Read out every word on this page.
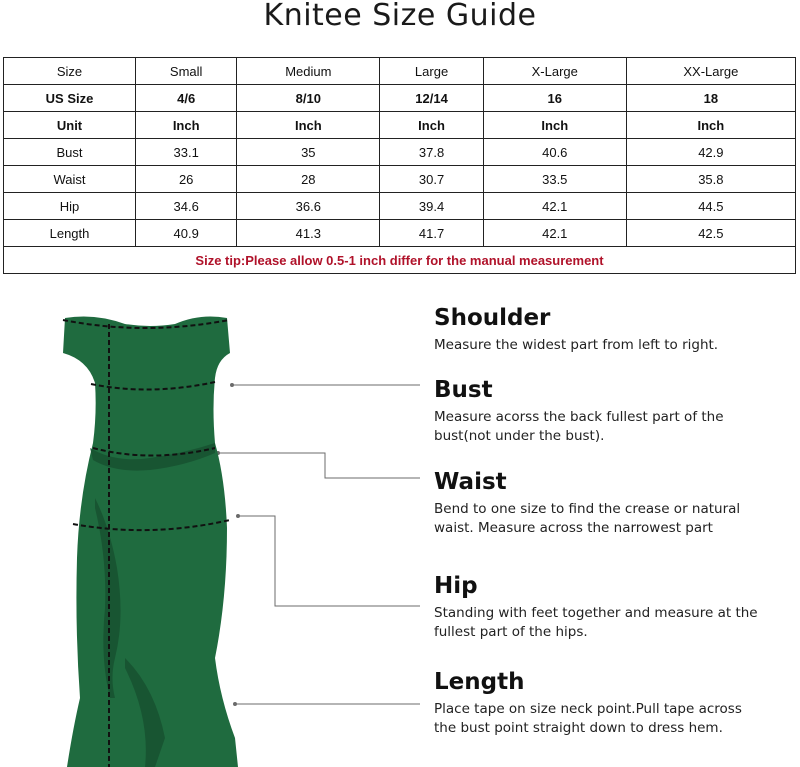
Knitee Size Guide
Size	Small	Medium	Large	X-Large	XX-Large
US Size	4/6	8/10	12/14	16	18
Unit	Inch	Inch	Inch	Inch	Inch
Bust	33.1	35	37.8	40.6	42.9
Waist	26	28	30.7	33.5	35.8
Hip	34.6	36.6	39.4	42.1	44.5
Length	40.9	41.3	41.7	42.1	42.5
Size tip:Please allow 0.5-1 inch differ for the manual measurement					
Shoulder

Measure the widest part from left to right.

Bust

Measure acorss the back fullest part of the bust(not under the bust).

Waist

Bend to one size to find the crease or natural waist. Measure across the narrowest part

Hip

Standing with feet together and measure at the fullest part of the hips.

Length

Place tape on size neck point.Pull tape across the bust point straight down to dress hem.
